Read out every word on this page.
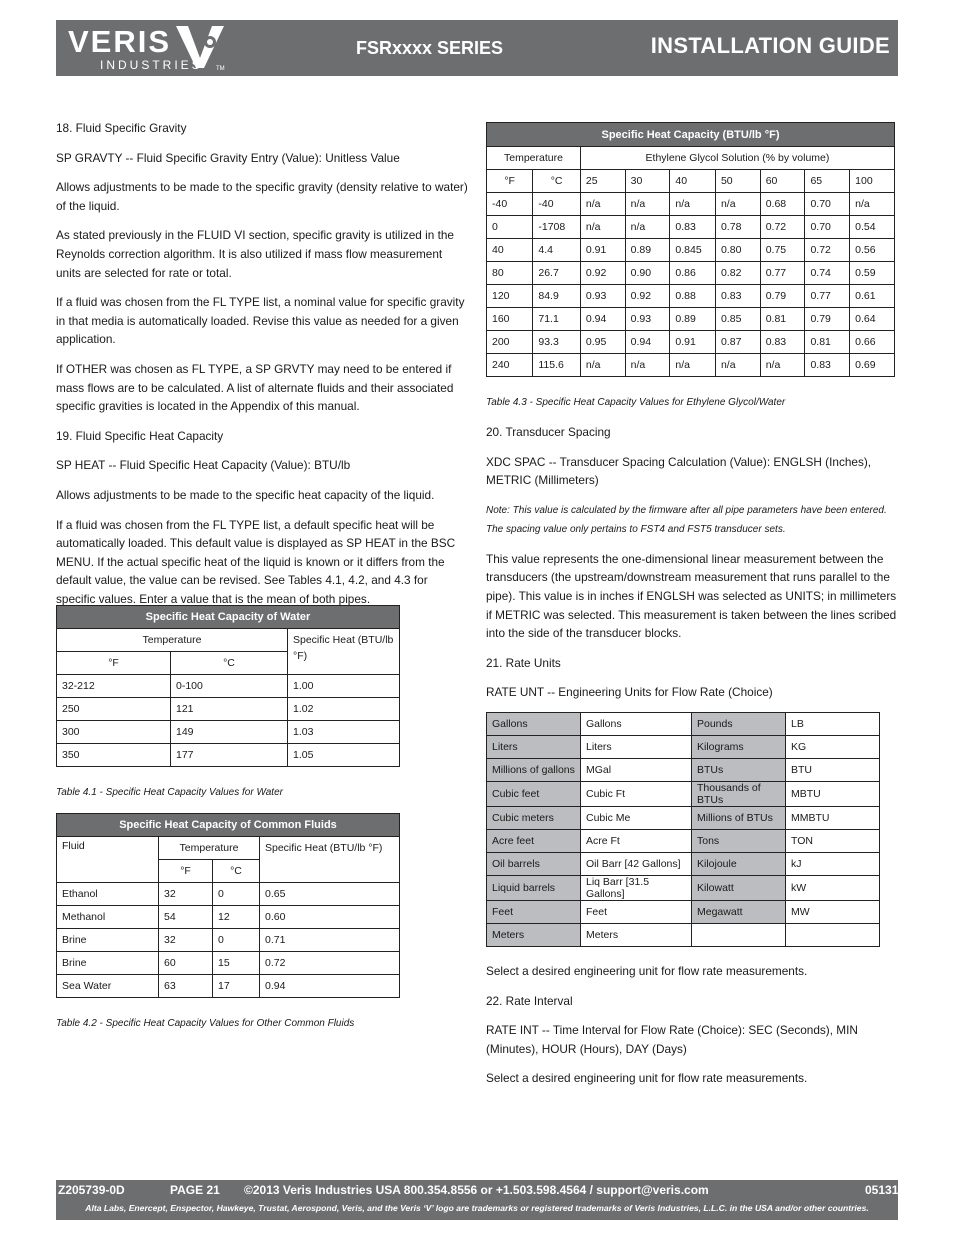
VERIS
INDUSTRIES TM
FSRxxxx SERIES	INSTALLATION GUIDE

18. Fluid Specific Gravity

SP GRAVTY -- Fluid Specific Gravity Entry (Value): Unitless Value

Allows adjustments to be made to the specific gravity (density relative to water) of the liquid.

As stated previously in the FLUID VI section, specific gravity is utilized in the Reynolds correction algorithm. It is also utilized if mass flow measurement units are selected for rate or total.

If a fluid was chosen from the FL TYPE list, a nominal value for specific gravity in that media is automatically loaded. Revise this value as needed for a given application.

If OTHER was chosen as FL TYPE, a SP GRVTY may need to be entered if mass flows are to be calculated. A list of alternate fluids and their associated specific gravities is located in the Appendix of this manual.

19. Fluid Specific Heat Capacity

SP HEAT -- Fluid Specific Heat Capacity (Value): BTU/lb

Allows adjustments to be made to the specific heat capacity of the liquid.

If a fluid was chosen from the FL TYPE list, a default specific heat will be automatically loaded. This default value is displayed as SP HEAT in the BSC MENU. If the actual specific heat of the liquid is known or it differs from the default value, the value can be revised. See Tables 4.1, 4.2, and 4.3 for specific values. Enter a value that is the mean of both pipes.

Specific Heat Capacity of Water		
Temperature		Specific Heat (BTU/lb °F)
°F	°C	
32-212	0-100	1.00
250	121	1.02
300	149	1.03
350	177	1.05
Table 4.1 - Specific Heat Capacity Values for Water
Specific Heat Capacity of Common Fluids			
Fluid	Temperature		Specific Heat (BTU/lb °F)
	°F	°C	
Ethanol	32	0	0.65
Methanol	54	12	0.60
Brine	32	0	0.71
Brine	60	15	0.72
Sea Water	63	17	0.94
Table 4.2 - Specific Heat Capacity Values for Other Common Fluids
Specific Heat Capacity (BTU/lb °F)								
Temperature		Ethylene Glycol Solution (% by volume)						
°F	°C	25	30	40	50	60	65	100
-40	-40	n/a	n/a	n/a	n/a	0.68	0.70	n/a
0	-1708	n/a	n/a	0.83	0.78	0.72	0.70	0.54
40	4.4	0.91	0.89	0.845	0.80	0.75	0.72	0.56
80	26.7	0.92	0.90	0.86	0.82	0.77	0.74	0.59
120	84.9	0.93	0.92	0.88	0.83	0.79	0.77	0.61
160	71.1	0.94	0.93	0.89	0.85	0.81	0.79	0.64
200	93.3	0.95	0.94	0.91	0.87	0.83	0.81	0.66
240	115.6	n/a	n/a	n/a	n/a	n/a	0.83	0.69
Table 4.3 - Specific Heat Capacity Values for Ethylene Glycol/Water

20. Transducer Spacing

XDC SPAC -- Transducer Spacing Calculation (Value): ENGLSH (Inches), METRIC (Millimeters)

Note: This value is calculated by the firmware after all pipe parameters have been entered. The spacing value only pertains to FST4 and FST5 transducer sets.

This value represents the one-dimensional linear measurement between the transducers (the upstream/downstream measurement that runs parallel to the pipe). This value is in inches if ENGLSH was selected as UNITS; in millimeters if METRIC was selected. This measurement is taken between the lines scribed into the side of the transducer blocks.

21. Rate Units

RATE UNT -- Engineering Units for Flow Rate (Choice)

Gallons	Gallons	Pounds	LB
Liters	Liters	Kilograms	KG
Millions of gallons	MGal	BTUs	BTU
Cubic feet	Cubic Ft	Thousands of BTUs	MBTU
Cubic meters	Cubic Me	Millions of BTUs	MMBTU
Acre feet	Acre Ft	Tons	TON
Oil barrels	Oil Barr [42 Gallons]	Kilojoule	kJ
Liquid barrels	Liq Barr [31.5 Gallons]	Kilowatt	kW
Feet	Feet	Megawatt	MW
Meters	Meters		

Select a desired engineering unit for flow rate measurements.

22. Rate Interval

RATE INT -- Time Interval for Flow Rate (Choice): SEC (Seconds), MIN (Minutes), HOUR (Hours), DAY (Days)

Select a desired engineering unit for flow rate measurements.

Z205739-0D	PAGE 21 ©2013 Veris Industries USA 800.354.8556 or +1.503.598.4564 / support@veris.com	05131
Alta Labs, Enercept, Enspector, Hawkeye, Trustat, Aerospond, Veris, and the Veris ‘V’ logo are trademarks or registered trademarks of Veris Industries, L.L.C. in the USA and/or other countries.
